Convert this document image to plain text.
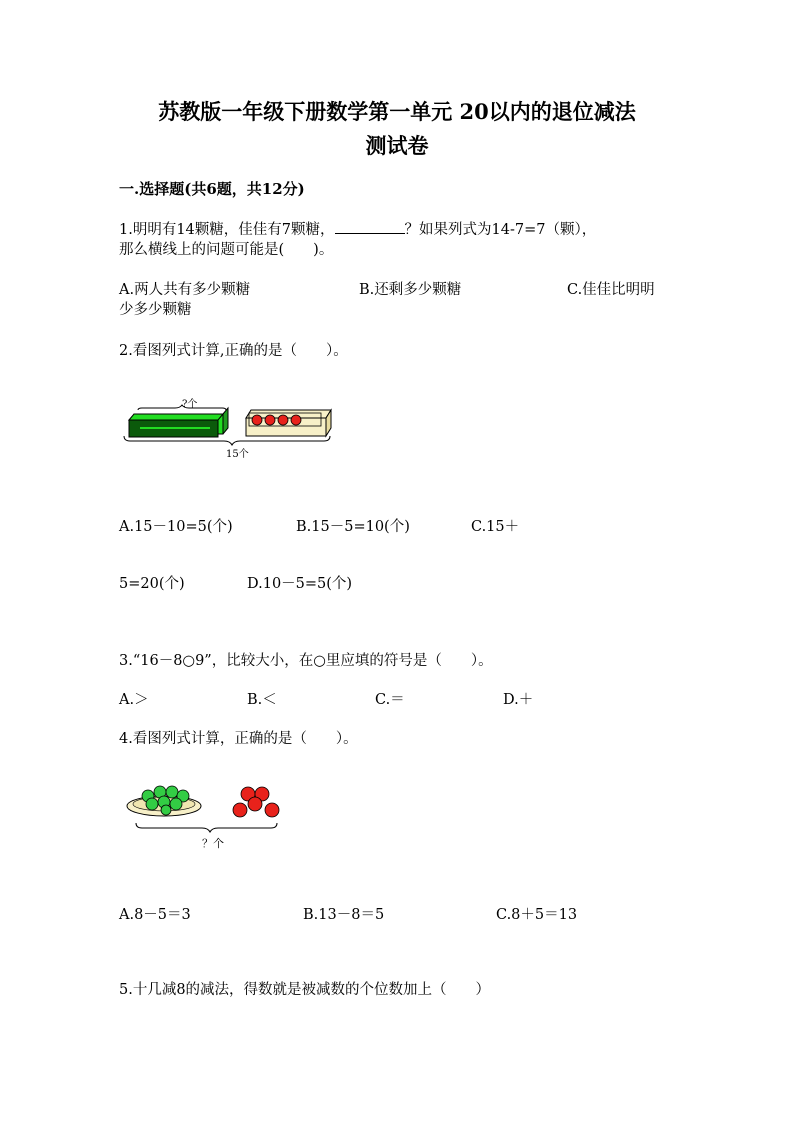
苏教版一年级下册数学第一单元 20以内的退位减法
测试卷
一.选择题(共6题，共12分)
1.明明有14颗糖，佳佳有7颗糖，	？如果列式为14-7=7（颗），
那么横线上的问题可能是(　　)。
A.两人共有多少颗糖	B.还剩多少颗糖	C.佳佳比明明
少多少颗糖
2.看图列式计算,正确的是（　　）。
?个
15个
A.15－10=5(个)	B.15－5=10(个)	C.15＋
5=20(个)	D.10－5=5(个)
3.“16－8○9”，比较大小，在○里应填的符号是（　　）。
A.＞	B.＜	C.＝	D.＋
4.看图列式计算，正确的是（　　）。
？个
A.8－5＝3	B.13－8＝5	C.8＋5＝13
5.十几减8的减法，得数就是被减数的个位数加上（　　）
